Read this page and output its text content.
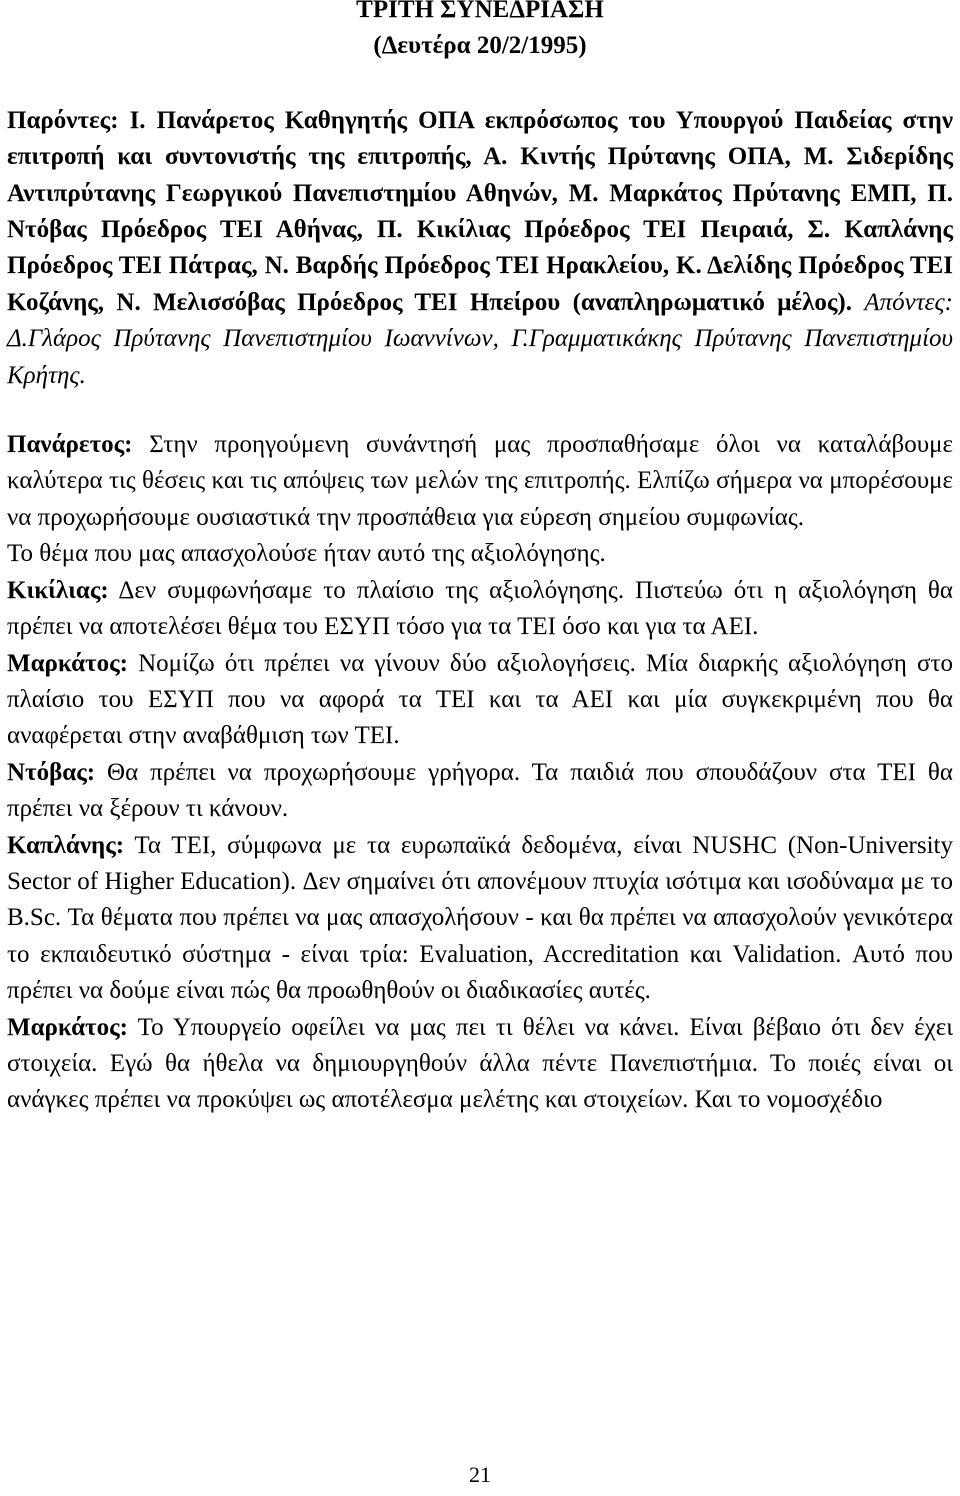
ΤΡΙΤΗ ΣΥΝΕΔΡΙΑΣΗ

(Δευτέρα 20/2/1995)

Παρόντες: Ι. Πανάρετος Καθηγητής ΟΠΑ εκπρόσωπος του Υπουργού Παιδείας στην επιτροπή και συντονιστής της επιτροπής, Α. Κιντής Πρύτανης ΟΠΑ, Μ. Σιδερίδης Αντιπρύτανης Γεωργικού Πανεπιστημίου Αθηνών, Μ. Μαρκάτος Πρύτανης ΕΜΠ, Π. Ντόβας Πρόεδρος ΤΕΙ Αθήνας, Π. Κικίλιας Πρόεδρος ΤΕΙ Πειραιά, Σ. Καπλάνης Πρόεδρος ΤΕΙ Πάτρας, Ν. Βαρδής Πρόεδρος ΤΕΙ Ηρακλείου, Κ. Δελίδης Πρόεδρος ΤΕΙ Κοζάνης, Ν. Μελισσόβας Πρόεδρος ΤΕΙ Ηπείρου (αναπληρωματικό μέλος). Απόντες: Δ.Γλάρος Πρύτανης Πανεπιστημίου Ιωαννίνων, Γ.Γραμματικάκης Πρύτανης Πανεπιστημίου Κρήτης.

Πανάρετος: Στην προηγούμενη συνάντησή μας προσπαθήσαμε όλοι να καταλάβουμε καλύτερα τις θέσεις και τις απόψεις των μελών της επιτροπής. Ελπίζω σήμερα να μπορέσουμε να προχωρήσουμε ουσιαστικά την προσπάθεια για εύρεση σημείου συμφωνίας.

Το θέμα που μας απασχολούσε ήταν αυτό της αξιολόγησης.

Κικίλιας: Δεν συμφωνήσαμε το πλαίσιο της αξιολόγησης. Πιστεύω ότι η αξιολόγηση θα πρέπει να αποτελέσει θέμα του ΕΣΥΠ τόσο για τα ΤΕΙ όσο και για τα ΑΕΙ.

Μαρκάτος: Νομίζω ότι πρέπει να γίνουν δύο αξιολογήσεις. Μία διαρκής αξιολόγηση στο πλαίσιο του ΕΣΥΠ που να αφορά τα ΤΕΙ και τα ΑΕΙ και μία συγκεκριμένη που θα αναφέρεται στην αναβάθμιση των ΤΕΙ.

Ντόβας: Θα πρέπει να προχωρήσουμε γρήγορα. Τα παιδιά που σπουδάζουν στα ΤΕΙ θα πρέπει να ξέρουν τι κάνουν.

Καπλάνης: Τα ΤΕΙ, σύμφωνα με τα ευρωπαϊκά δεδομένα, είναι NUSHC (Non-University Sector of Higher Education). Δεν σημαίνει ότι απονέμουν πτυχία ισότιμα και ισοδύναμα με το B.Sc. Τα θέματα που πρέπει να μας απασχολήσουν - και θα πρέπει να απασχολούν γενικότερα το εκπαιδευτικό σύστημα - είναι τρία: Evaluation, Accreditation και Validation. Αυτό που πρέπει να δούμε είναι πώς θα προωθηθούν οι διαδικασίες αυτές.

Μαρκάτος: Το Υπουργείο οφείλει να μας πει τι θέλει να κάνει. Είναι βέβαιο ότι δεν έχει στοιχεία. Εγώ θα ήθελα να δημιουργηθούν άλλα πέντε Πανεπιστήμια. Το ποιές είναι οι ανάγκες πρέπει να προκύψει ως αποτέλεσμα μελέτης και στοιχείων. Και το νομοσχέδιο

21
